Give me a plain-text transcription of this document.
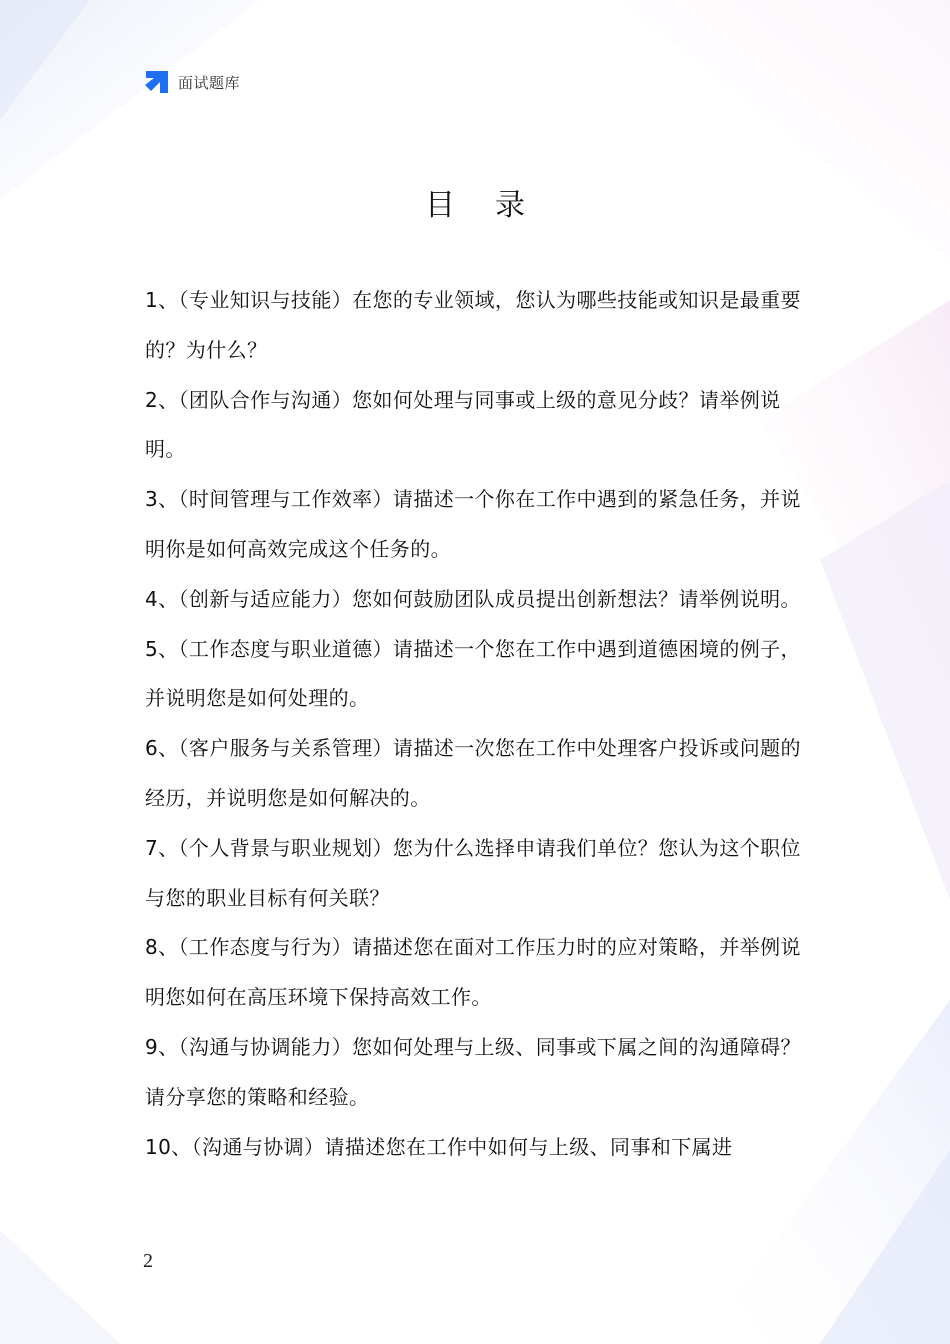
面试题库
目录

1、（专业知识与技能）在您的专业领域，您认为哪些技能或知识是最重要的？为什么？

2、（团队合作与沟通）您如何处理与同事或上级的意见分歧？请举例说明。

3、（时间管理与工作效率）请描述一个你在工作中遇到的紧急任务，并说明你是如何高效完成这个任务的。

4、（创新与适应能力）您如何鼓励团队成员提出创新想法？请举例说明。

5、（工作态度与职业道德）请描述一个您在工作中遇到道德困境的例子，并说明您是如何处理的。

6、（客户服务与关系管理）请描述一次您在工作中处理客户投诉或问题的经历，并说明您是如何解决的。

7、（个人背景与职业规划）您为什么选择申请我们单位？您认为这个职位与您的职业目标有何关联？

8、（工作态度与行为）请描述您在面对工作压力时的应对策略，并举例说明您如何在高压环境下保持高效工作。

9、（沟通与协调能力）您如何处理与上级、同事或下属之间的沟通障碍？请分享您的策略和经验。

10、（沟通与协调）请描述您在工作中如何与上级、同事和下属进

2
